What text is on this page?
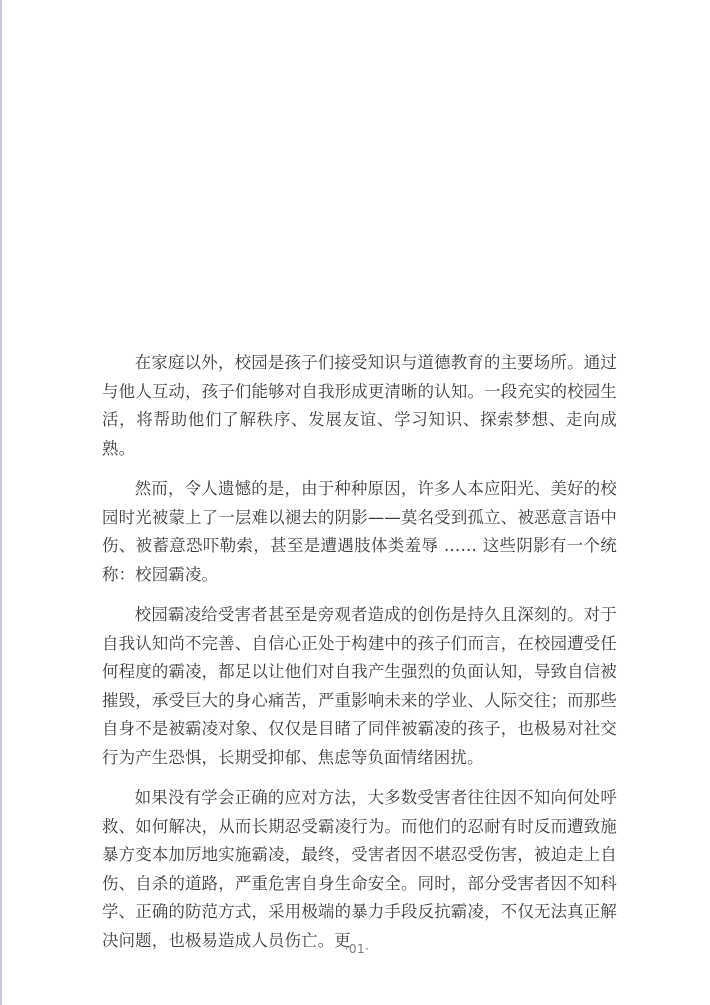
在家庭以外，校园是孩子们接受知识与道德教育的主要场所。通过与他人互动，孩子们能够对自我形成更清晰的认知。一段充实的校园生活，将帮助他们了解秩序、发展友谊、学习知识、探索梦想、走向成熟。

然而，令人遗憾的是，由于种种原因，许多人本应阳光、美好的校园时光被蒙上了一层难以褪去的阴影——莫名受到孤立、被恶意言语中伤、被蓄意恐吓勒索，甚至是遭遇肢体类羞辱 …… 这些阴影有一个统称：校园霸凌。

校园霸凌给受害者甚至是旁观者造成的创伤是持久且深刻的。对于自我认知尚不完善、自信心正处于构建中的孩子们而言，在校园遭受任何程度的霸凌，都足以让他们对自我产生强烈的负面认知，导致自信被摧毁，承受巨大的身心痛苦，严重影响未来的学业、人际交往；而那些自身不是被霸凌对象、仅仅是目睹了同伴被霸凌的孩子，也极易对社交行为产生恐惧，长期受抑郁、焦虑等负面情绪困扰。

如果没有学会正确的应对方法，大多数受害者往往因不知向何处呼救、如何解决，从而长期忍受霸凌行为。而他们的忍耐有时反而遭致施暴方变本加厉地实施霸凌，最终，受害者因不堪忍受伤害，被迫走上自伤、自杀的道路，严重危害自身生命安全。同时，部分受害者因不知科学、正确的防范方式，采用极端的暴力手段反抗霸凌，不仅无法真正解决问题，也极易造成人员伤亡。更

·01·
